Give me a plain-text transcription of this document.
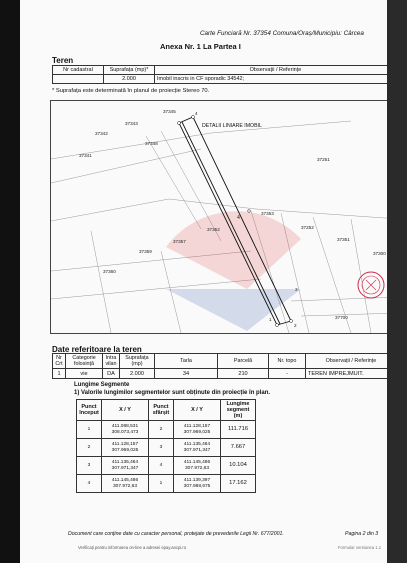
Carte Funciară Nr. 37354 Comuna/Oraș/Municipiu: Cârcea
Anexa Nr. 1 La Partea I
Teren
Nr cadastral	Suprafața (mp)*	Observații / Referințe
	2.000	Imobil inscris in CF sporadic 34542;
* Suprafața este determinată în planul de proiecție Stereo 70.
37345
37343
37342
37348
37341
37251
37353
37252
37351
37300
37357
37359
37360
37700
37352
4
1
2
3
4
DETALII LINIARE IMOBIL
Date referitoare la teren
Nr Crt	Categorie folosință	Intra vilan	Suprafața (mp)	Tarla	Parcelă	Nr. topo	Observații / Referințe
1	vie	DA	2.000	34	210	-	TEREN IMPREJMUIT.
Lungime Segmente
1) Valorile lungimilor segmentelor sunt obținute din proiecție în plan.
Punct început	X / Y	Punct sfârșit	X / Y	Lungime segment (m)
1	411.088,531
308.073,473	2	411.128,157
307.969,025	111.716
2	411.128,157
307.969,025	3	411.135,464
307.971,347	7.667
3	411.135,464
307.971,347	4	411.145,486
307.972,63	10.104
4	411.145,486
307.972,63	1	411.139,397
307.988,675	17.162
Document care conține date cu caracter personal, protejate de prevederile Legii Nr. 677/2001.	Pagina 2 din 3
Verificați pentru informarea on-line a adresei epay.ancpi.ro	Formular versiunea 1.1
